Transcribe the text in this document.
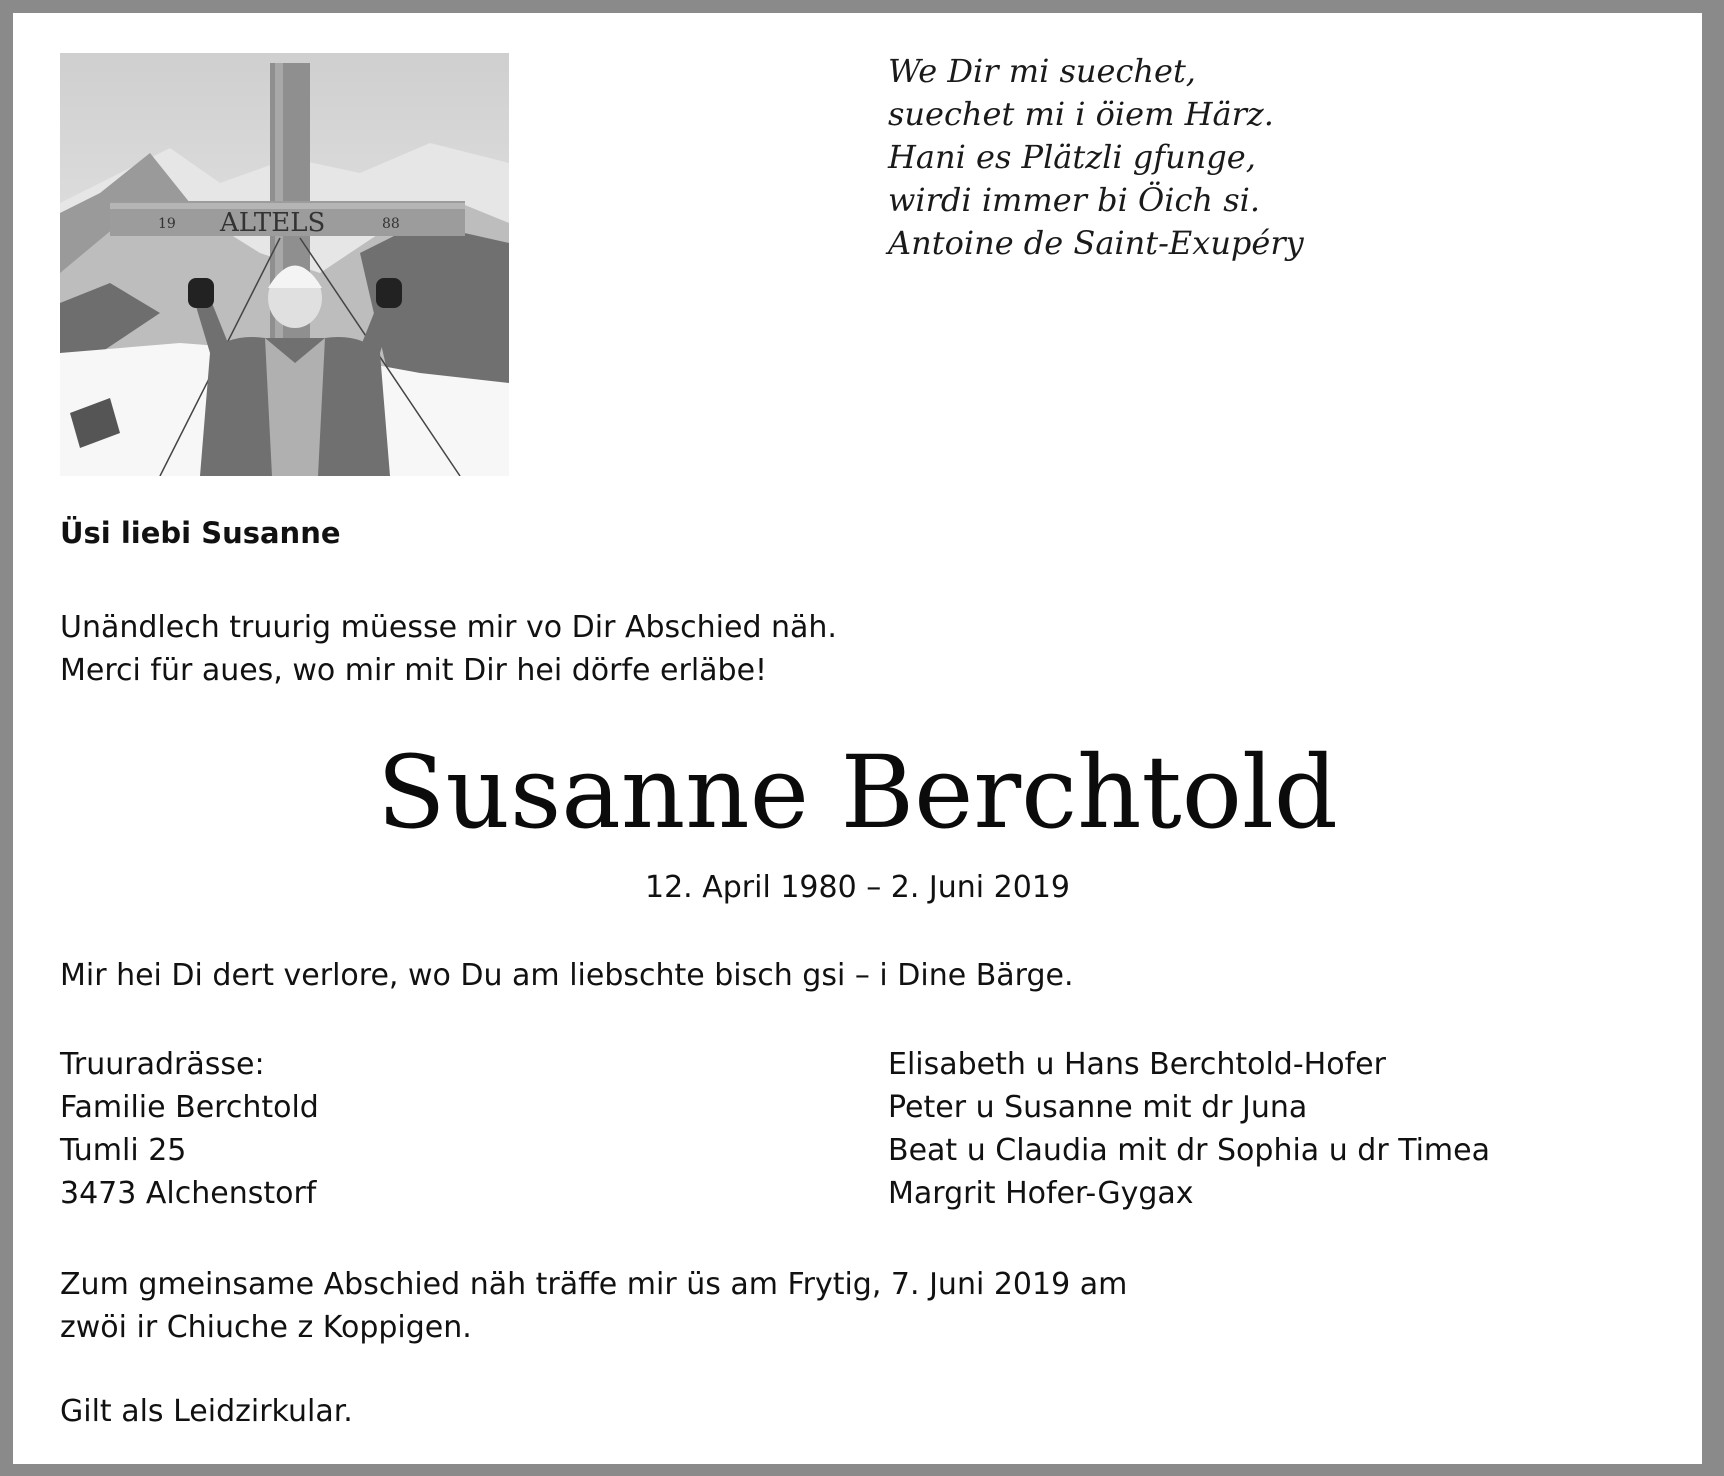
19 ALTELS	88
We Dir mi suechet,
suechet mi i öiem Härz.
Hani es Plätzli gfunge,
wirdi immer bi Öich si.
Antoine de Saint-Exupéry
Üsi liebi Susanne
Unändlech truurig müesse mir vo Dir Abschied näh.
Merci für aues, wo mir mit Dir hei dörfe erläbe!
Susanne Berchtold
12. April 1980 – 2. Juni 2019
Mir hei Di dert verlore, wo Du am liebschte bisch gsi – i Dine Bärge.
Truuradrässe:
Familie Berchtold
Tumli 25
3473 Alchenstorf
Elisabeth u Hans Berchtold-Hofer
Peter u Susanne mit dr Juna
Beat u Claudia mit dr Sophia u dr Timea
Margrit Hofer-Gygax
Zum gmeinsame Abschied näh träffe mir üs am Frytig, 7. Juni 2019 am
zwöi ir Chiuche z Koppigen.
Gilt als Leidzirkular.
